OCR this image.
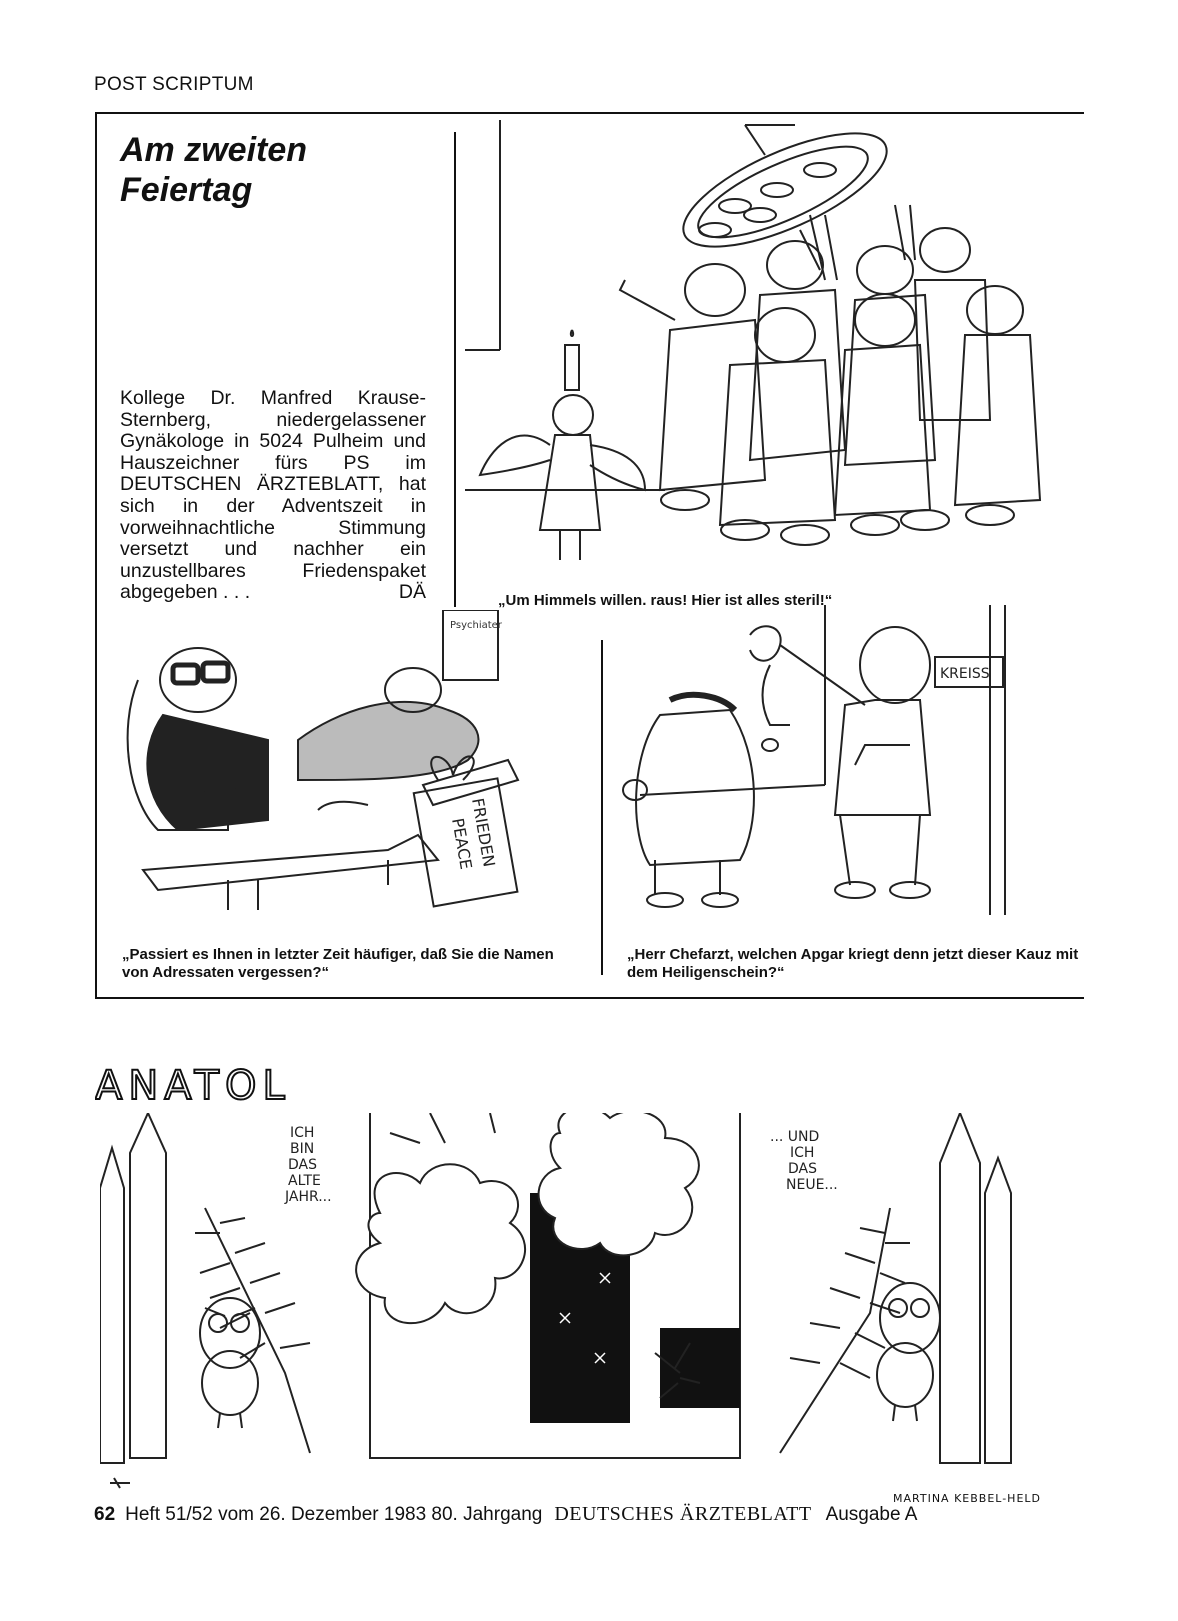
POST SCRIPTUM
Am zweiten Feiertag
Kollege Dr. Manfred Krause-Sternberg, niedergelassener Gynäkologe in 5024 Pulheim und Hauszeichner fürs PS im DEUTSCHEN ÄRZTEBLATT, hat sich in der Adventszeit in vorweihnachtliche Stimmung versetzt und nachher ein unzustellbares Friedenspaket abgegeben . . .	DÄ	„Um Himmels willen, raus! Hier ist alles steril!“
Psychiater
PEACE
FRIEDEN
„Passiert es Ihnen in letzter Zeit häufiger, daß Sie die Namen von Adressaten vergessen?“
KREISS
„Herr Chefarzt, welchen Apgar kriegt denn jetzt dieser Kauz mit dem Heiligenschein?“
ANATOL
ICH
BIN
DAS
ALTE
JAHR...
... UND
ICH
DAS
NEUE...
MARTINA KEBBEL-HELD
62 Heft 51/52 vom 26. Dezember 1983 80. Jahrgang DEUTSCHES ÄRZTEBLATT Ausgabe A
